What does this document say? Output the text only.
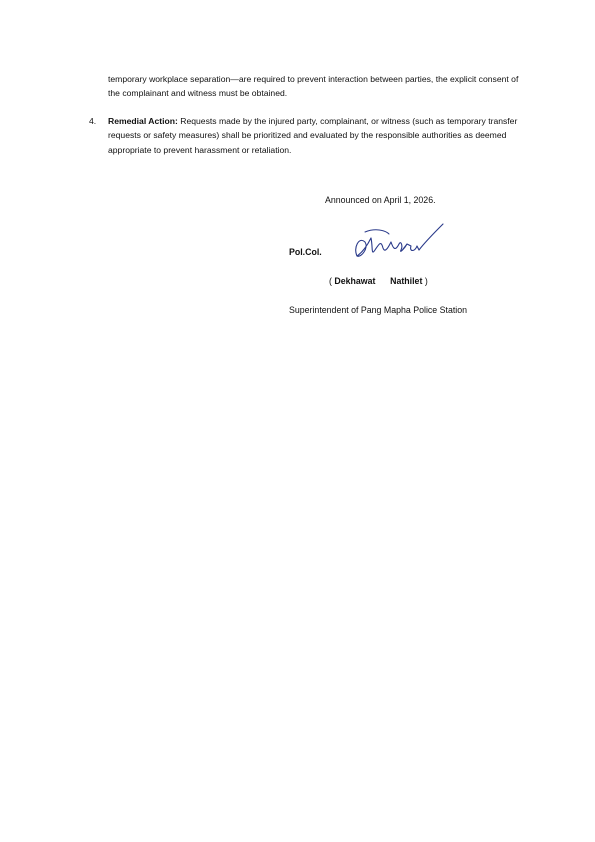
temporary workplace separation—are required to prevent interaction between parties, the explicit consent of the complainant and witness must be obtained.

4. Remedial Action: Requests made by the injured party, complainant, or witness (such as temporary transfer requests or safety measures) shall be prioritized and evaluated by the responsible authorities as deemed appropriate to prevent harassment or retaliation.

Announced on April 1, 2026.
Pol.Col.
( Dekhawat Nathilet )
Superintendent of Pang Mapha Police Station
